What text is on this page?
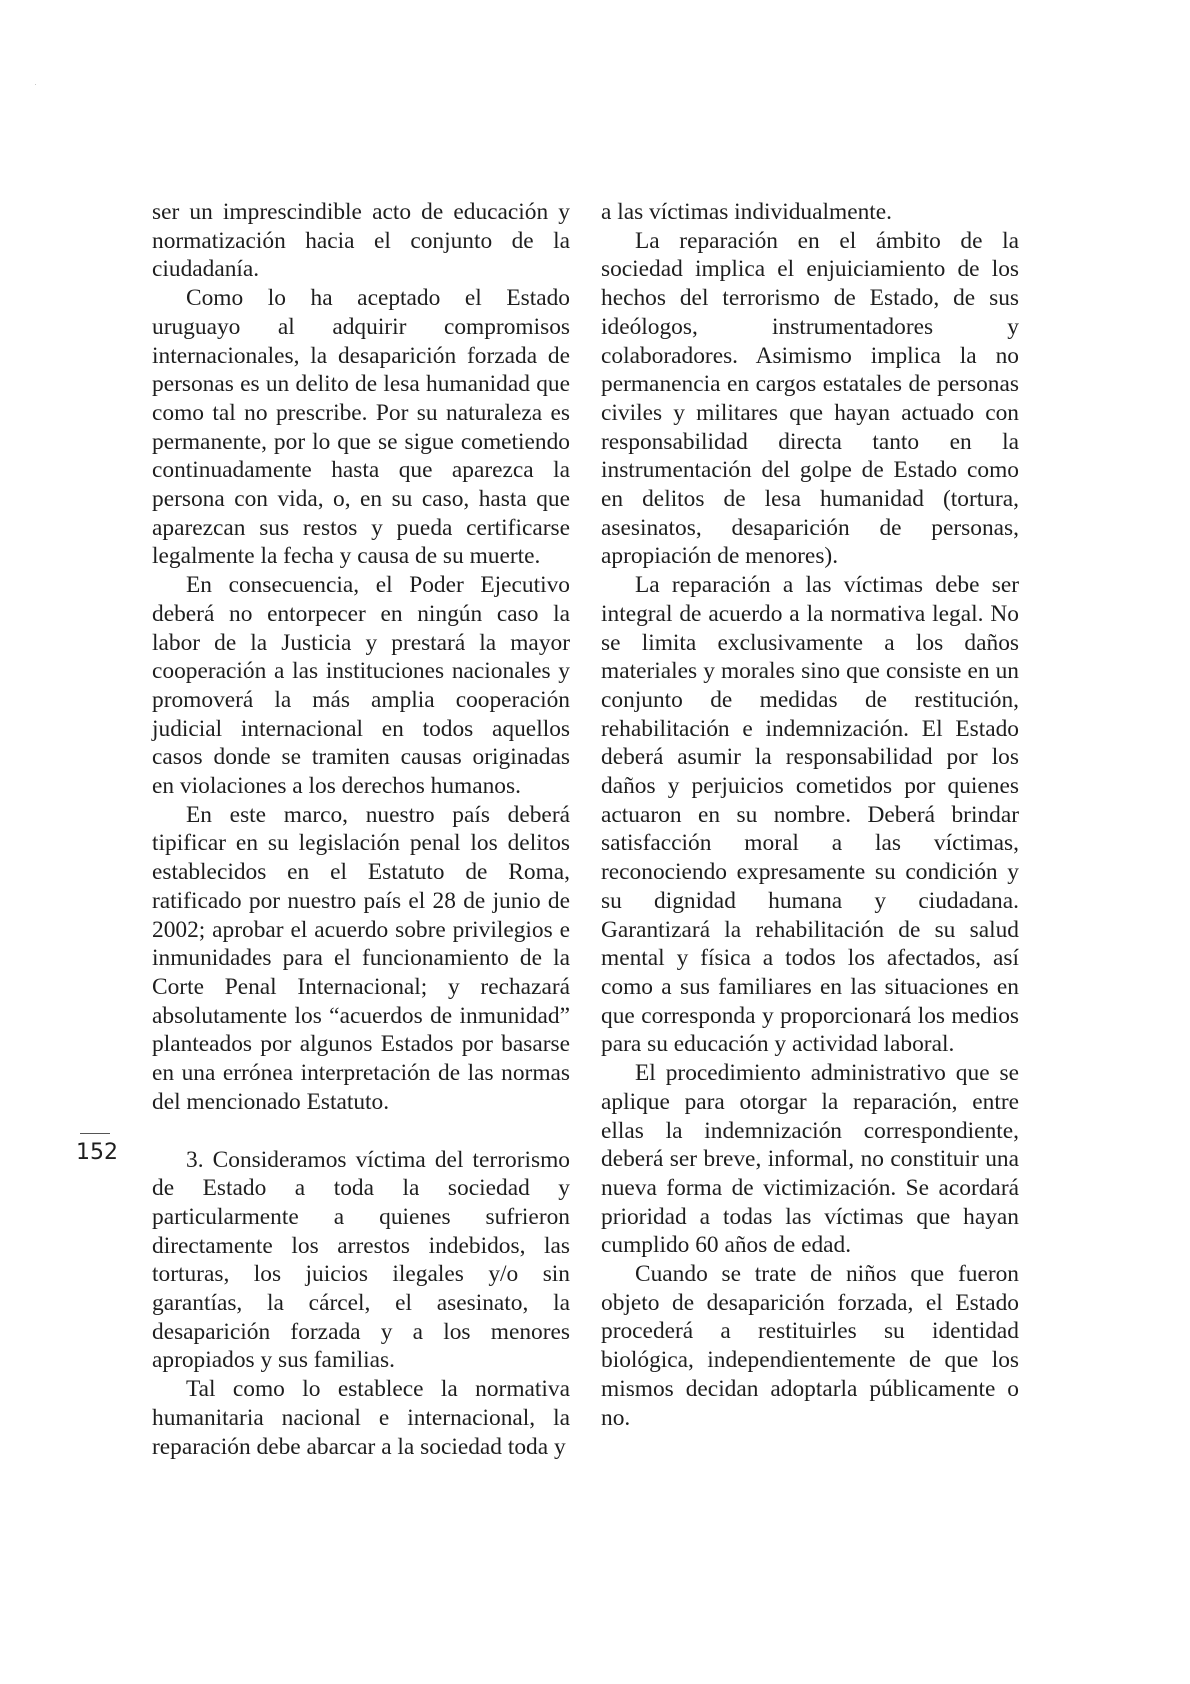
ser un imprescindible acto de educación y normatización hacia el conjunto de la ciudadanía.

Como lo ha aceptado el Estado uruguayo al adquirir compromisos internacionales, la desaparición forzada de personas es un delito de lesa humanidad que como tal no prescribe. Por su naturaleza es permanente, por lo que se sigue cometiendo continuadamente hasta que aparezca la persona con vida, o, en su caso, hasta que aparezcan sus restos y pueda certificarse legalmente la fecha y causa de su muerte.

En consecuencia, el Poder Ejecutivo deberá no entorpecer en ningún caso la labor de la Justicia y prestará la mayor cooperación a las instituciones nacionales y promoverá la más amplia cooperación judicial internacional en todos aquellos casos donde se tramiten causas originadas en violaciones a los derechos humanos.

En este marco, nuestro país deberá tipificar en su legislación penal los delitos establecidos en el Estatuto de Roma, ratificado por nuestro país el 28 de junio de 2002; aprobar el acuerdo sobre privilegios e inmunidades para el funcionamiento de la Corte Penal Internacional; y rechazará absolutamente los “acuerdos de inmunidad” planteados por algunos Estados por basarse en una errónea interpretación de las normas del mencionado Estatuto.

3. Consideramos víctima del terrorismo de Estado a toda la sociedad y particularmente a quienes sufrieron directamente los arrestos indebidos, las torturas, los juicios ilegales y/o sin garantías, la cárcel, el asesinato, la desaparición forzada y a los menores apropiados y sus familias.

Tal como lo establece la normativa humanitaria nacional e internacional, la reparación debe abarcar a la sociedad toda y

a las víctimas individualmente.

La reparación en el ámbito de la sociedad implica el enjuiciamiento de los hechos del terrorismo de Estado, de sus ideólogos, instrumentadores y colaboradores. Asimismo implica la no permanencia en cargos estatales de personas civiles y militares que hayan actuado con responsabilidad directa tanto en la instrumentación del golpe de Estado como en delitos de lesa humanidad (tortura, asesinatos, desaparición de personas, apropiación de menores).

La reparación a las víctimas debe ser integral de acuerdo a la normativa legal. No se limita exclusivamente a los daños materiales y morales sino que consiste en un conjunto de medidas de restitución, rehabilitación e indemnización. El Estado deberá asumir la responsabilidad por los daños y perjuicios cometidos por quienes actuaron en su nombre. Deberá brindar satisfacción moral a las víctimas, reconociendo expresamente su condición y su dignidad humana y ciudadana. Garantizará la rehabilitación de su salud mental y física a todos los afectados, así como a sus familiares en las situaciones en que corresponda y proporcionará los medios para su educación y actividad laboral.

El procedimiento administrativo que se aplique para otorgar la reparación, entre ellas la indemnización correspondiente, deberá ser breve, informal, no constituir una nueva forma de victimización. Se acordará prioridad a todas las víctimas que hayan cumplido 60 años de edad.

Cuando se trate de niños que fueron objeto de desaparición forzada, el Estado procederá a restituirles su identidad biológica, independientemente de que los mismos decidan adoptarla públicamente o no.

152
